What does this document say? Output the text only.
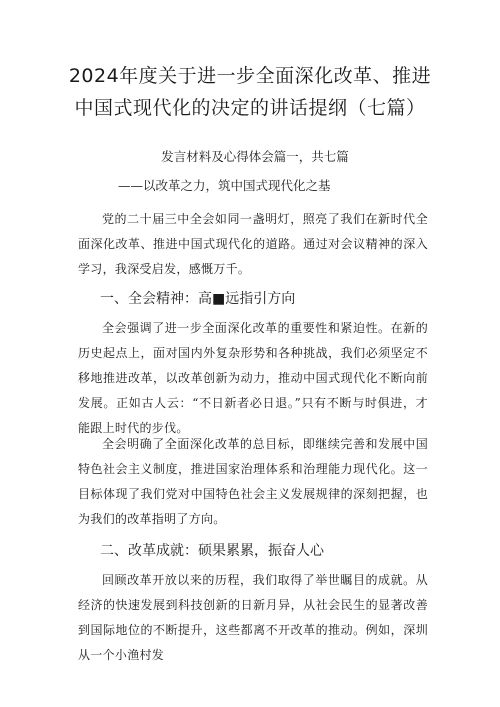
2024年度关于进一步全面深化改革、推进中国式现代化的决定的讲话提纲（七篇）
发言材料及心得体会篇一，共七篇
——以改革之力，筑中国式现代化之基

党的二十届三中全会如同一盏明灯，照亮了我们在新时代全面深化改革、推进中国式现代化的道路。通过对会议精神的深入学习，我深受启发，感慨万千。

一、全会精神：高■远指引方向

全会强调了进一步全面深化改革的重要性和紧迫性。在新的历史起点上，面对国内外复杂形势和各种挑战，我们必须坚定不移地推进改革，以改革创新为动力，推动中国式现代化不断向前发展。正如古人云：“不日新者必日退。”只有不断与时俱进，才能跟上时代的步伐。

全会明确了全面深化改革的总目标，即继续完善和发展中国特色社会主义制度，推进国家治理体系和治理能力现代化。这一目标体现了我们党对中国特色社会主义发展规律的深刻把握，也为我们的改革指明了方向。

二、改革成就：硕果累累，振奋人心

回顾改革开放以来的历程，我们取得了举世瞩目的成就。从经济的快速发展到科技创新的日新月异，从社会民生的显著改善到国际地位的不断提升，这些都离不开改革的推动。例如，深圳从一个小渔村发
